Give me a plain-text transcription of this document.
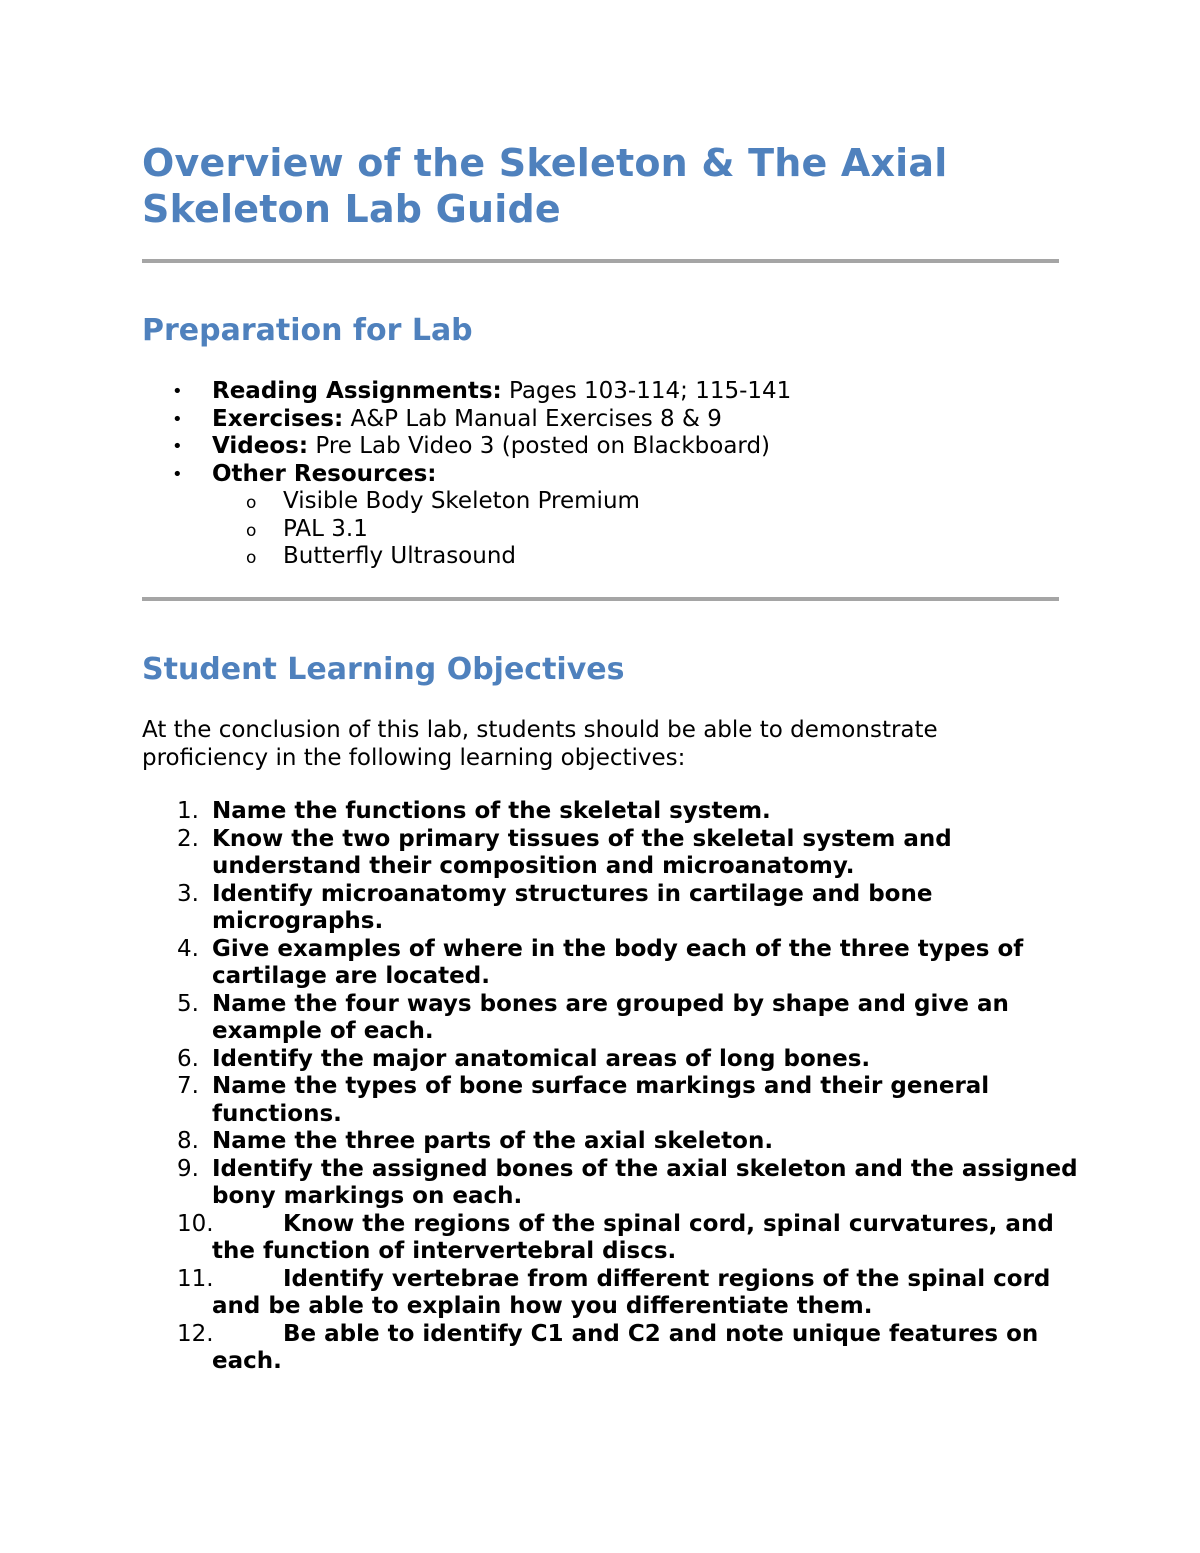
Overview of the Skeleton & The Axial Skeleton Lab Guide
Preparation for Lab
• Reading Assignments: Pages 103-114; 115-141
• Exercises: A&P Lab Manual Exercises 8 & 9
• Videos: Pre Lab Video 3 (posted on Blackboard)
• Other Resources:
o Visible Body Skeleton Premium
o PAL 3.1
o Butterfly Ultrasound
Student Learning Objectives

At the conclusion of this lab, students should be able to demonstrate proficiency in the following learning objectives:

1. Name the functions of the skeletal system.
2. Know the two primary tissues of the skeletal system and understand their composition and microanatomy.
3. Identify microanatomy structures in cartilage and bone micrographs.
4. Give examples of where in the body each of the three types of cartilage are located.
5. Name the four ways bones are grouped by shape and give an example of each.
6. Identify the major anatomical areas of long bones.
7. Name the types of bone surface markings and their general functions.
8. Name the three parts of the axial skeleton.
9. Identify the assigned bones of the axial skeleton and the assigned bony markings on each.
10.	Know the regions of the spinal cord, spinal curvatures, and the function of intervertebral discs.
11.	Identify vertebrae from different regions of the spinal cord and be able to explain how you differentiate them.
12.	Be able to identify C1 and C2 and note unique features on each.
